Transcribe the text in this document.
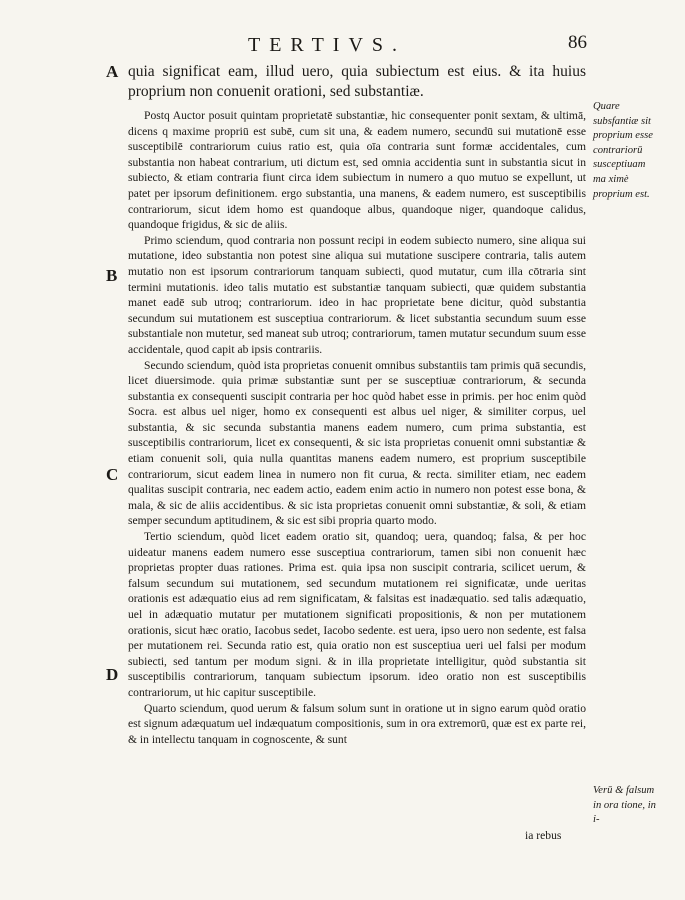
TERTIVS.	86
A
B
C
D

quia significat eam, illud uero, quia subiectum est eius. & ita huius proprium non conuenit orationi, sed substantiæ.

Postq Auctor posuit quintam proprietatē substantiæ, hic consequenter ponit sextam, & ultimā, dicens q maxime propriū est subē, cum sit una, & eadem numero, secundū sui mutationē esse susceptibilē contrariorum cuius ratio est, quia oīa contraria sunt formæ accidentales, cum substantia non habeat contrarium, uti dictum est, sed omnia accidentia sunt in substantia sicut in subiecto, & etiam contraria fiunt circa idem subiectum in numero a quo mutuo se expellunt, ut patet per ipsorum definitionem. ergo substantia, una manens, & eadem numero, est susceptibilis contrariorum, sicut idem homo est quandoque albus, quandoque niger, quandoque calidus, quandoque frigidus, & sic de aliis.

Primo sciendum, quod contraria non possunt recipi in eodem subiecto numero, sine aliqua sui mutatione, ideo substantia non potest sine aliqua sui mutatione suscipere contraria, talis autem mutatio non est ipsorum contrariorum tanquam subiecti, quod mutatur, cum illa cōtraria sint termini mutationis. ideo talis mutatio est substantiæ tanquam subiecti, quæ quidem substantia manet eadē sub utroq; contrariorum. ideo in hac proprietate bene dicitur, quòd substantia secundum sui mutationem est susceptiua contrariorum. & licet substantia secundum suum esse substantiale non mutetur, sed maneat sub utroq; contrariorum, tamen mutatur secundum suum esse accidentale, quod capit ab ipsis contrariis.

Secundo sciendum, quòd ista proprietas conuenit omnibus substantiis tam primis quā secundis, licet diuersimode. quia primæ substantiæ sunt per se susceptiuæ contrariorum, & secunda substantia ex consequenti suscipit contraria per hoc quòd habet esse in primis. per hoc enim quòd Socra. est albus uel niger, homo ex consequenti est albus uel niger, & similiter corpus, uel substantia, & sic secunda substantia manens eadem numero, cum prima substantia, est susceptibilis contrariorum, licet ex consequenti, & sic ista proprietas conuenit omni substantiæ & etiam conuenit soli, quia nulla quantitas manens eadem numero, est proprium susceptibile contrariorum, sicut eadem linea in numero non fit curua, & recta. similiter etiam, nec eadem qualitas suscipit contraria, nec eadem actio, eadem enim actio in numero non potest esse bona, & mala, & sic de aliis accidentibus. & sic ista proprietas conuenit omni substantiæ, & soli, & etiam semper secundum aptitudinem, & sic est sibi propria quarto modo.

Tertio sciendum, quòd licet eadem oratio sit, quandoq; uera, quandoq; falsa, & per hoc uideatur manens eadem numero esse susceptiua contrariorum, tamen sibi non conuenit hæc proprietas propter duas rationes. Prima est. quia ipsa non suscipit contraria, scilicet uerum, & falsum secundum sui mutationem, sed secundum mutationem rei significatæ, unde ueritas orationis est adæquatio eius ad rem significatam, & falsitas est inadæquatio. sed talis adæquatio, uel in adæquatio mutatur per mutationem significati propositionis, & non per mutationem orationis, sicut hæc oratio, Iacobus sedet, Iacobo sedente. est uera, ipso uero non sedente, est falsa per mutationem rei. Secunda ratio est, quia oratio non est susceptiua ueri uel falsi per modum subiecti, sed tantum per modum signi. & in illa proprietate intelligitur, quòd substantia sit susceptibilis contrariorum, tanquam subiectum ipsorum. ideo oratio non est susceptibilis contrariorum, ut hic capitur susceptibile.

Quarto sciendum, quod uerum & falsum solum sunt in oratione ut in signo earum quòd oratio est signum adæquatum uel indæquatum compositionis, sum in ora extremorū, quæ est ex parte rei, & in intellectu tanquam in cognoscente, & sunt

Quare subsfantiæ sit proprium esse contrariorū susceptiuam ma ximè proprium est.
Verū & falsum in ora tione, in i-
ia rebus
